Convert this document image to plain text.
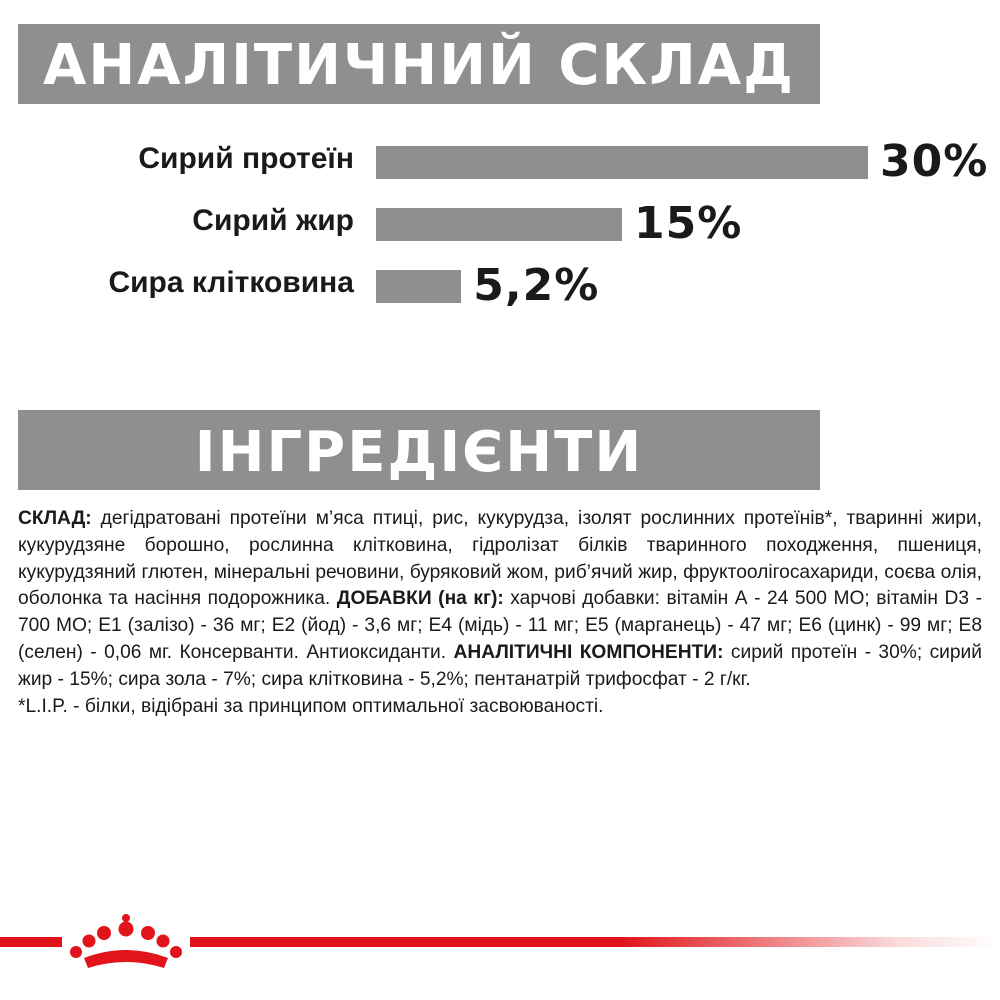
АНАЛІТИЧНИЙ СКЛАД
Сирий протеїн	30%
Сирий жир	15%
Сира клітковина	5,2%
ІНГРЕДІЄНТИ

СКЛАД: дегідратовані протеїни м’яса птиці, рис, кукурудза, ізолят рослинних протеїнів*, тваринні жири, кукурудзяне борошно, рослинна клітковина, гідролізат білків тваринного походження, пшениця, кукурудзяний глютен, мінеральні речовини, буряковий жом, риб’ячий жир, фруктоолігосахариди, соєва олія, оболонка та насіння подорожника. ДОБАВКИ (на кг): харчові добавки: вітамін А - 24 500 МО; вітамін D3 - 700 МО; Е1 (залізо) - 36 мг; Е2 (йод) - 3,6 мг; Е4 (мідь) - 11 мг; Е5 (марганець) - 47 мг; Е6 (цинк) - 99 мг; Е8 (селен) - 0,06 мг. Консерванти. Антиоксиданти. АНАЛІТИЧНІ КОМПОНЕНТИ: сирий протеїн - 30%; сирий жир - 15%; сира зола - 7%; сира клітковина - 5,2%; пентанатрій трифосфат - 2 г/кг.

*L.I.P. - білки, відібрані за принципом оптимальної засвоюваності.
